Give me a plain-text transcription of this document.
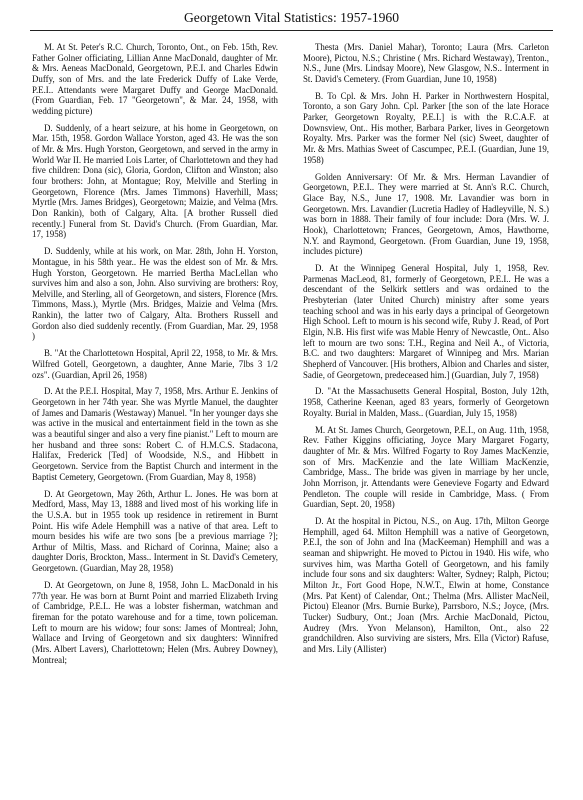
Georgetown Vital Statistics: 1957-1960

M. At St. Peter's R.C. Church, Toronto, Ont., on Feb. 15th, Rev. Father Golner officiating, Lillian Anne MacDonald, daughter of Mr. & Mrs. Aeneas MacDonald, Georgetown, P.E.I. and Charles Edwin Duffy, son of Mrs. and the late Frederick Duffy of Lake Verde, P.E.I.. Attendants were Margaret Duffy and George MacDonald. (From Guardian, Feb. 17 "Georgetown", & Mar. 24, 1958, with wedding picture)

D. Suddenly, of a heart seizure, at his home in Georgetown, on Mar. 15th, 1958. Gordon Wallace Yorston, aged 43. He was the son of Mr. & Mrs. Hugh Yorston, Georgetown, and served in the army in World War II. He married Lois Larter, of Charlottetown and they had five children: Dona (sic), Gloria, Gordon, Clifton and Winston; also four brothers: John, at Montague; Roy, Melville and Sterling in Georgetown, Florence (Mrs. James Timmons) Haverhill, Mass; Myrtle (Mrs. James Bridges), Georgetown; Maizie, and Velma (Mrs. Don Rankin), both of Calgary, Alta. [A brother Russell died recently.] Funeral from St. David's Church. (From Guardian, Mar. 17, 1958)

D. Suddenly, while at his work, on Mar. 28th, John H. Yorston, Montague, in his 58th year.. He was the eldest son of Mr. & Mrs. Hugh Yorston, Georgetown. He married Bertha MacLellan who survives him and also a son, John. Also surviving are brothers: Roy, Melville, and Sterling, all of Georgetown, and sisters, Florence (Mrs. Timmons, Mass.), Myrtle (Mrs. Bridges, Maizie and Velma (Mrs. Rankin), the latter two of Calgary, Alta. Brothers Russell and Gordon also died suddenly recently. (From Guardian, Mar. 29, 1958 )

B. "At the Charlottetown Hospital, April 22, 1958, to Mr. & Mrs. Wilfred Gotell, Georgetown, a daughter, Anne Marie, 7lbs 3 1/2 ozs". (Guardian, April 26, 1958)

D. At the P.E.I. Hospital, May 7, 1958, Mrs. Arthur E. Jenkins of Georgetown in her 74th year. She was Myrtle Manuel, the daughter of James and Damaris (Westaway) Manuel. "In her younger days she was active in the musical and entertainment field in the town as she was a beautiful singer and also a very fine pianist." Left to mourn are her husband and three sons: Robert C. of H.M.C.S. Stadacona, Halifax, Frederick [Ted] of Woodside, N.S., and Hibbett in Georgetown. Service from the Baptist Church and interment in the Baptist Cemetery, Georgetown. (From Guardian, May 8, 1958)

D. At Georgetown, May 26th, Arthur L. Jones. He was born at Medford, Mass, May 13, 1888 and lived most of his working life in the U.S.A. but in 1955 took up residence in retirement in Burnt Point. His wife Adele Hemphill was a native of that area. Left to mourn besides his wife are two sons [be a previous marriage ?]; Arthur of Miltis, Mass. and Richard of Corinna, Maine; also a daughter Doris, Brockton, Mass.. Interment in St. David's Cemetery, Georgetown. (Guardian, May 28, 1958)

D. At Georgetown, on June 8, 1958, John L. MacDonald in his 77th year. He was born at Burnt Point and married Elizabeth Irving of Cambridge, P.E.I.. He was a lobster fisherman, watchman and fireman for the potato warehouse and for a time, town policeman. Left to mourn are his widow; four sons: James of Montreal; John, Wallace and Irving of Georgetown and six daughters: Winnifred (Mrs. Albert Lavers), Charlottetown; Helen (Mrs. Aubrey Downey), Montreal;

Thesta (Mrs. Daniel Mahar), Toronto; Laura (Mrs. Carleton Moore), Pictou, N.S.; Christine ( Mrs. Richard Westaway), Trenton., N.S., June (Mrs. Lindsay Moore), New Glasgow, N.S.. Interment in St. David's Cemetery. (From Guardian, June 10, 1958)

B. To Cpl. & Mrs. John H. Parker in Northwestern Hospital, Toronto, a son Gary John. Cpl. Parker [the son of the late Horace Parker, Georgetown Royalty, P.E.I.] is with the R.C.A.F. at Downsview, Ont.. His mother, Barbara Parker, lives in Georgetown Royalty. Mrs. Parker was the former Nel (sic) Sweet, daughter of Mr. & Mrs. Mathias Sweet of Cascumpec, P.E.I. (Guardian, June 19, 1958)

Golden Anniversary: Of Mr. & Mrs. Herman Lavandier of Georgetown, P.E.I.. They were married at St. Ann's R.C. Church, Glace Bay, N.S., June 17, 1908. Mr. Lavandier was born in Georgetown. Mrs. Lavandier (Lucretia Hadley of Hadleyville, N. S.) was born in 1888. Their family of four include: Dora (Mrs. W. J. Hook), Charlottetown; Frances, Georgetown, Amos, Hawthorne, N.Y. and Raymond, Georgetown. (From Guardian, June 19, 1958, includes picture)

D. At the Winnipeg General Hospital, July 1, 1958, Rev. Parmenas MacLeod, 81, formerly of Georgetown, P.E.I.. He was a descendant of the Selkirk settlers and was ordained to the Presbyterian (later United Church) ministry after some years teaching school and was in his early days a principal of Georgetown High School. Left to mourn is his second wife, Ruby J. Read, of Port Elgin, N.B. His first wife was Mable Henry of Newcastle, Ont.. Also left to mourn are two sons: T.H., Regina and Neil A., of Victoria, B.C. and two daughters: Margaret of Winnipeg and Mrs. Marian Shepherd of Vancouver. [His brothers, Albion and Charles and sister, Sadie, of Georgetown, predeceased him.] (Guardian, July 7, 1958)

D. "At the Massachusetts General Hospital, Boston, July 12th, 1958, Catherine Keenan, aged 83 years, formerly of Georgetown Royalty. Burial in Malden, Mass.. (Guardian, July 15, 1958)

M. At St. James Church, Georgetown, P.E.I., on Aug. 11th, 1958, Rev. Father Kiggins officiating, Joyce Mary Margaret Fogarty, daughter of Mr. & Mrs. Wilfred Fogarty to Roy James MacKenzie, son of Mrs. MacKenzie and the late William MacKenzie, Cambridge, Mass.. The bride was given in marriage by her uncle, John Morrison, jr. Attendants were Genevieve Fogarty and Edward Pendleton. The couple will reside in Cambridge, Mass. ( From Guardian, Sept. 20, 1958)

D. At the hospital in Pictou, N.S., on Aug. 17th, Milton George Hemphill, aged 64. Milton Hemphill was a native of Georgetown, P.E.I, the son of John and Ina (MacKeeman) Hemphill and was a seaman and shipwright. He moved to Pictou in 1940. His wife, who survives him, was Martha Gotell of Georgetown, and his family include four sons and six daughters: Walter, Sydney; Ralph, Pictou; Milton Jr., Fort Good Hope, N.W.T., Elwin at home, Constance (Mrs. Pat Kent) of Calendar, Ont.; Thelma (Mrs. Allister MacNeil, Pictou) Eleanor (Mrs. Burnie Burke), Parrsboro, N.S.; Joyce, (Mrs. Tucker) Sudbury, Ont.; Joan (Mrs. Archie MacDonald, Pictou, Audrey (Mrs. Yvon Melanson), Hamilton, Ont., also 22 grandchildren. Also surviving are sisters, Mrs. Ella (Victor) Rafuse, and Mrs. Lily (Allister)
